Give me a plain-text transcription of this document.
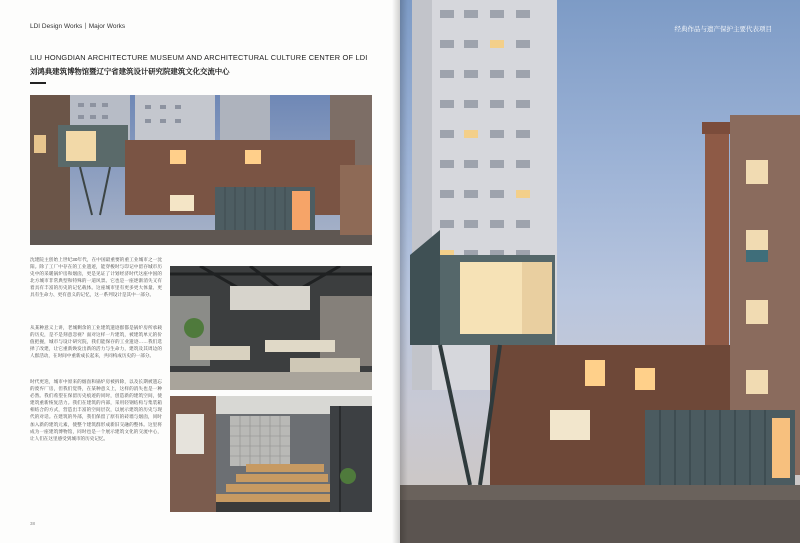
LDI Design Works丨Major Works
LIU HONGDIAN ARCHITECTURE MUSEUM AND ARCHITECTURAL CULTURE CENTER OF LDI
刘鸿典建筑博物馆暨辽宁省建筑设计研究院建筑文化交流中心
沈建院主创始上世纪30年代，在中国最重要的重工业城市之一沈阳。除了工厂中存在的工业遗迹，能穿梭时与印记中留存城市历史中的采暖锅炉房和烟囱，更是见证了计划经济时代这座中国的北方城市非常典型和特殊的一道风景。它也是一座逐渐消失又有着具有丰富的历史的记忆载体。这座城市里有更多更大体量、更具有生命力、更有意义的记忆，这一系列设计是其中一部分。
从某种意义上讲，老城剩余的工业建筑遗迹群都是锅炉房所承载的历史，是不是刻意忽视？面对这样一片建筑，被建筑单元的价值把握，城市与设计研究院，我们能保存的工业遗迹……我们选择了改建，让它重新焕发出新的活力与生命力，建筑及其周边的人群活动，在时间中重新成长起来，共同构成历史的一部分。
时代更迭，城市中原来的烟囱和锅炉房被拆除，以及长期被遗忘的废弃厂房，但我们觉得，在某种意义上，这样的消失也是一种必然。我们希望在保留历史痕迹的同时，创造新的建筑空间，使建筑重新恢复活力。我们在建筑的内部，采用轻钢结构与集装箱相结合的方式，营造出丰富的空间层次，以展示建筑的历史与现代的对话。在建筑的外部，我们保留了原有的砖墙与烟囱，同时加入新的建筑元素，使整个建筑群形成新旧交融的整体。这里将成为一座建筑博物馆，同时也是一个展示建筑文化的交流中心，让人们在这里感受到城市的历史记忆。
38
经典作品与遗产保护主要代表项目
